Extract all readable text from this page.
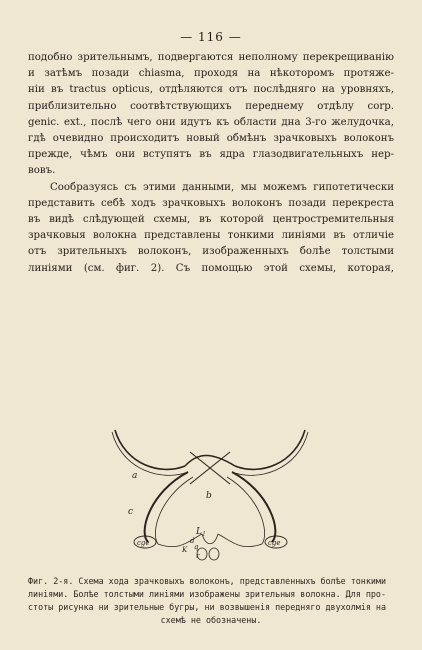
— 116 —
подобно зрительнымъ, подвергаются неполному перекрещиванію
и затѣмъ позади chiasma, проходя на нѣкоторомъ протяже-
ніи въ tractus opticus, отдѣляются отъ послѣдняго на уровняхъ,
приблизительно соотвѣтствующихъ переднему отдѣлу corp.
genic. ext., послѣ чего они идутъ къ области дна 3-го желудочка,
гдѣ очевидно происходитъ новый обмѣнъ зрачковыхъ волоконъ
прежде, чѣмъ они вступятъ въ ядра глазодвигательныхъ нер-
вовъ.
Сообразуясь съ этими данными, мы можемъ гипотетически
представить себѣ ходъ зрачковыхъ волоконъ позади перекреста
въ видѣ слѣдующей схемы, въ которой центростремительныя
зрачковыя волокна представлены тонкими линіями въ отличіе
отъ зрительныхъ волоконъ, изображенныхъ болѣе толстыми
линіями (см. фиг. 2). Съ помощью этой схемы, которая,
a
b
c
cge	cge
L l
d
K q
r
Фиг. 2-я. Схема хода зрачковыхъ волоконъ, представленныхъ болѣе тонкими
линіями. Болѣе толстыми линіями изображены зрительныя волокна. Для про-
стоты рисунка ни зрительные бугры, ни возвышенія передняго двухолмія на
схемѣ не обозначены.
